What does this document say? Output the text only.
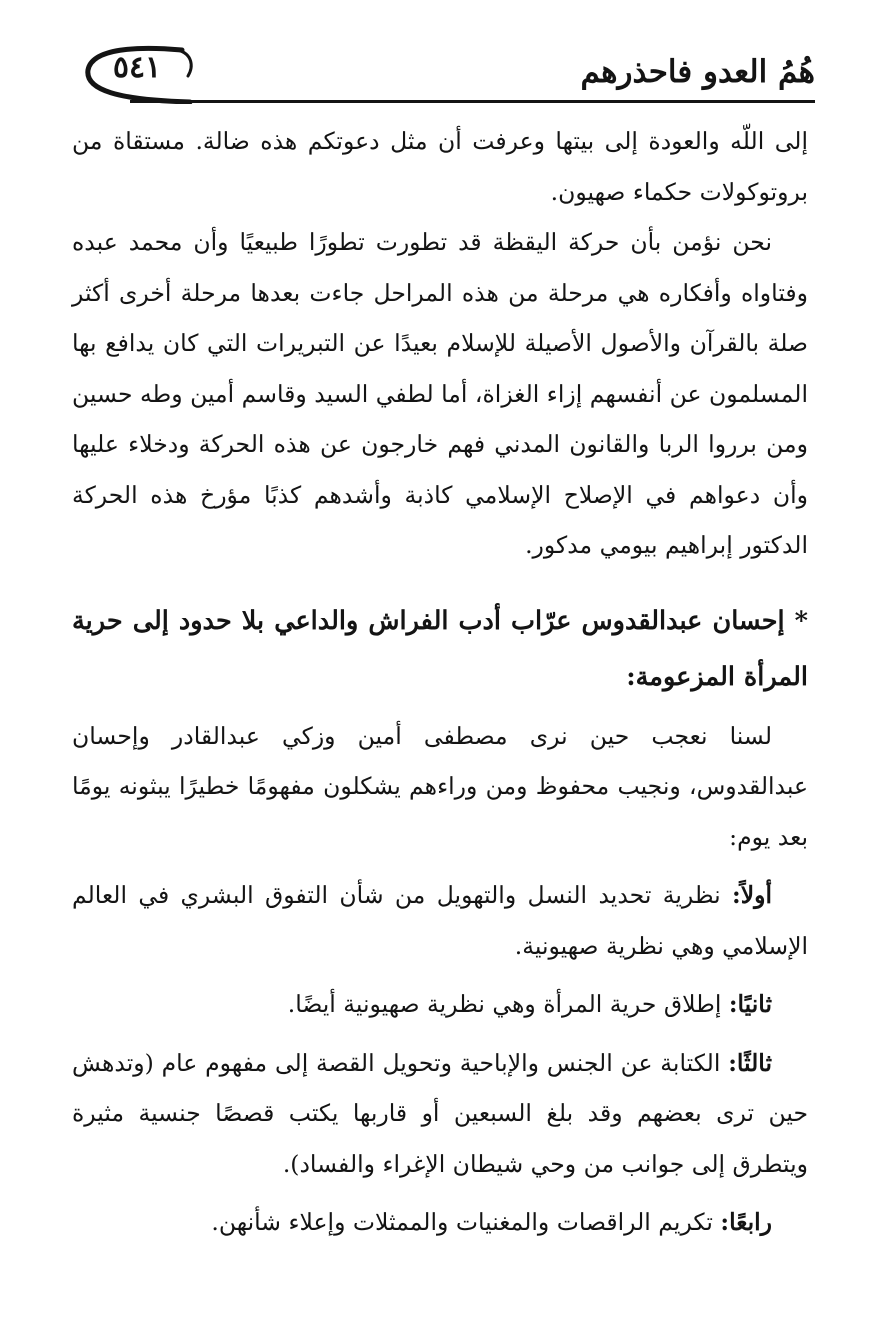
هُمُ العدو فاحذرهم
٥٤١

إلى اللّه والعودة إلى بيتها وعرفت أن مثل دعوتكم هذه ضالة. مستقاة من بروتوكولات حكماء صهيون.

نحن نؤمن بأن حركة اليقظة قد تطورت تطورًا طبيعيًا وأن محمد عبده وفتاواه وأفكاره هي مرحلة من هذه المراحل جاءت بعدها مرحلة أخرى أكثر صلة بالقرآن والأصول الأصيلة للإسلام بعيدًا عن التبريرات التي كان يدافع بها المسلمون عن أنفسهم إزاء الغزاة، أما لطفي السيد وقاسم أمين وطه حسين ومن برروا الربا والقانون المدني فهم خارجون عن هذه الحركة ودخلاء عليها وأن دعواهم في الإصلاح الإسلامي كاذبة وأشدهم كذبًا مؤرخ هذه الحركة الدكتور إبراهيم بيومي مدكور.

* إحسان عبدالقدوس عرّاب أدب الفراش والداعي بلا حدود إلى حرية المرأة المزعومة:

لسنا نعجب حين نرى مصطفى أمين وزكي عبدالقادر وإحسان عبدالقدوس، ونجيب محفوظ ومن وراءهم يشكلون مفهومًا خطيرًا يبثونه يومًا بعد يوم:

أولاً: نظرية تحديد النسل والتهويل من شأن التفوق البشري في العالم الإسلامي وهي نظرية صهيونية.

ثانيًا: إطلاق حرية المرأة وهي نظرية صهيونية أيضًا.

ثالثًا: الكتابة عن الجنس والإباحية وتحويل القصة إلى مفهوم عام (وتدهش حين ترى بعضهم وقد بلغ السبعين أو قاربها يكتب قصصًا جنسية مثيرة ويتطرق إلى جوانب من وحي شيطان الإغراء والفساد).

رابعًا: تكريم الراقصات والمغنيات والممثلات وإعلاء شأنهن.
